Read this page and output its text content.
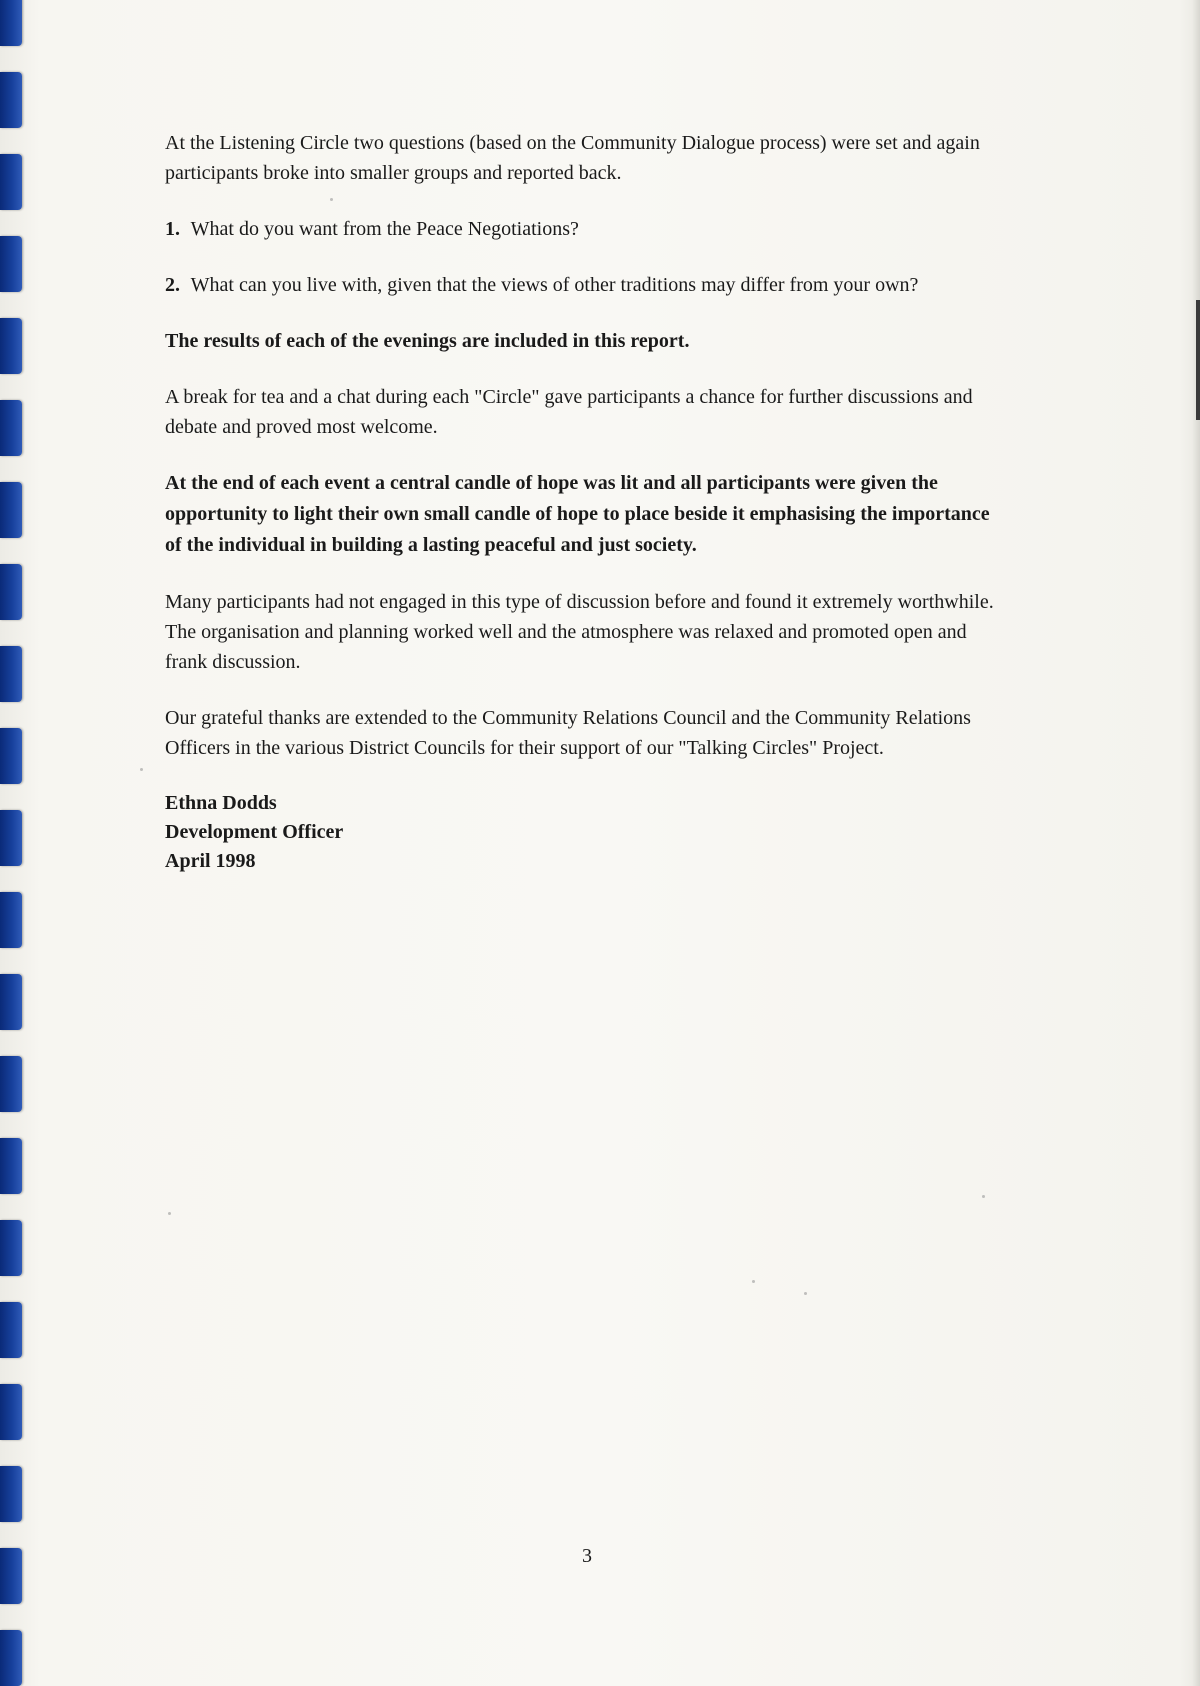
At the Listening Circle two questions (based on the Community Dialogue process) were set and again participants broke into smaller groups and reported back.

1. What do you want from the Peace Negotiations?

2. What can you live with, given that the views of other traditions may differ from your own?

The results of each of the evenings are included in this report.

A break for tea and a chat during each "Circle" gave participants a chance for further discussions and debate and proved most welcome.

At the end of each event a central candle of hope was lit and all participants were given the opportunity to light their own small candle of hope to place beside it emphasising the importance of the individual in building a lasting peaceful and just society.

Many participants had not engaged in this type of discussion before and found it extremely worthwhile. The organisation and planning worked well and the atmosphere was relaxed and promoted open and frank discussion.

Our grateful thanks are extended to the Community Relations Council and the Community Relations Officers in the various District Councils for their support of our "Talking Circles" Project.

Ethna Dodds
Development Officer
April 1998
3
